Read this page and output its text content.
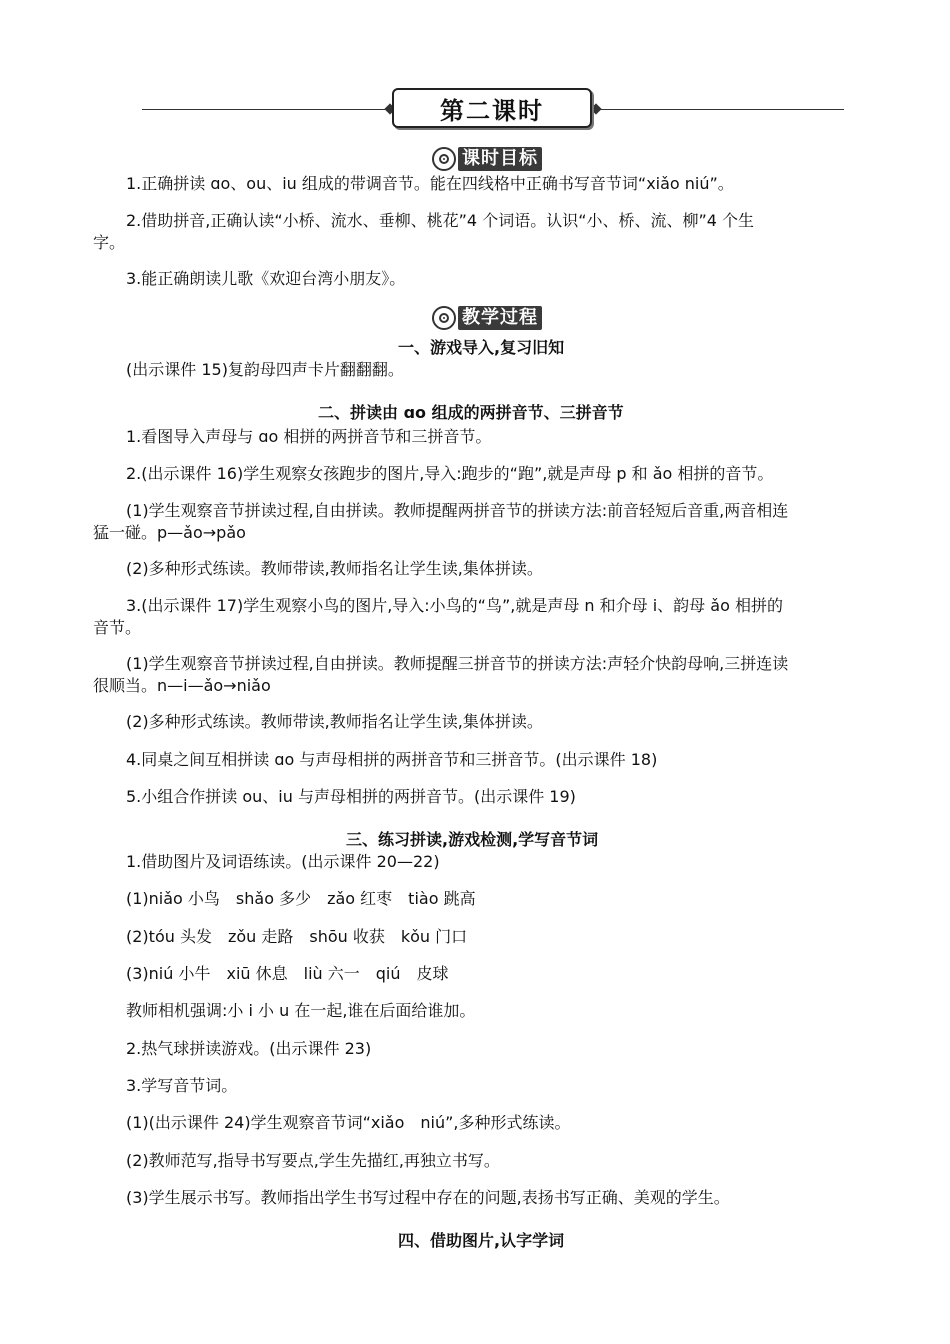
第二课时
课时目标
1.正确拼读 ɑo、ou、iu 组成的带调音节。能在四线格中正确书写音节词“xiǎo niú”。
2.借助拼音,正确认读“小桥、流水、垂柳、桃花”4 个词语。认识“小、桥、流、柳”4 个生
字。
3.能正确朗读儿歌《欢迎台湾小朋友》。
教学过程
一、游戏导入,复习旧知
(出示课件 15)复韵母四声卡片翻翻翻。
二、拼读由 ɑo 组成的两拼音节、三拼音节
1.看图导入声母与 ɑo 相拼的两拼音节和三拼音节。
2.(出示课件 16)学生观察女孩跑步的图片,导入:跑步的“跑”,就是声母 p 和 ǎo 相拼的音节。
(1)学生观察音节拼读过程,自由拼读。教师提醒两拼音节的拼读方法:前音轻短后音重,两音相连
猛一碰。p—ǎo→pǎo
(2)多种形式练读。教师带读,教师指名让学生读,集体拼读。
3.(出示课件 17)学生观察小鸟的图片,导入:小鸟的“鸟”,就是声母 n 和介母 i、韵母 ǎo 相拼的
音节。
(1)学生观察音节拼读过程,自由拼读。教师提醒三拼音节的拼读方法:声轻介快韵母响,三拼连读
很顺当。n—i—ǎo→niǎo
(2)多种形式练读。教师带读,教师指名让学生读,集体拼读。
4.同桌之间互相拼读 ɑo 与声母相拼的两拼音节和三拼音节。(出示课件 18)
5.小组合作拼读 ou、iu 与声母相拼的两拼音节。(出示课件 19)
三、练习拼读,游戏检测,学写音节词
1.借助图片及词语练读。(出示课件 20—22)
(1)niǎo 小鸟　shǎo 多少　zǎo 红枣　tiào 跳高
(2)tóu 头发　zǒu 走路　shōu 收获　kǒu 门口
(3)niú 小牛　xiū 休息　liù 六一　qiú　皮球
教师相机强调:小 i 小 u 在一起,谁在后面给谁加。
2.热气球拼读游戏。(出示课件 23)
3.学写音节词。
(1)(出示课件 24)学生观察音节词“xiǎo　niú”,多种形式练读。
(2)教师范写,指导书写要点,学生先描红,再独立书写。
(3)学生展示书写。教师指出学生书写过程中存在的问题,表扬书写正确、美观的学生。
四、借助图片,认字学词
